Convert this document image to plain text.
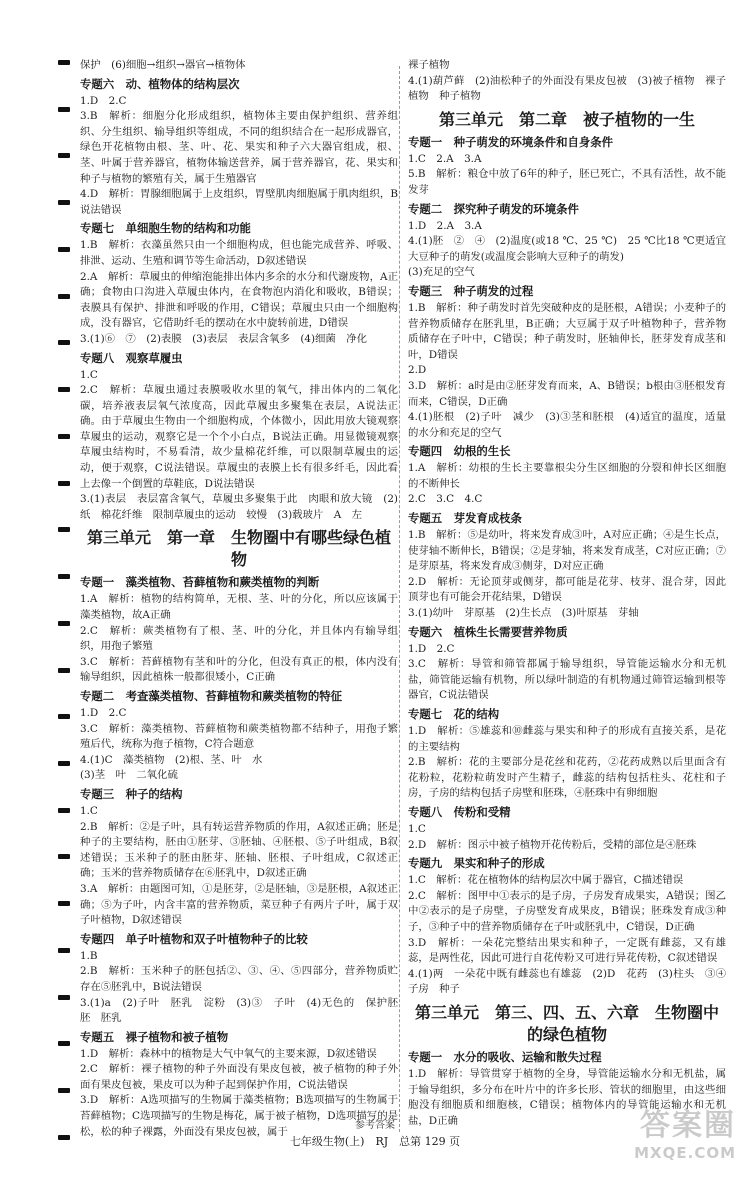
保护　(6)细胞→组织→器官→植物体

专题六　动、植物体的结构层次

1.D　2.C

3.B　解析：细胞分化形成组织，植物体主要由保护组织、营养组织、分生组织、输导组织等组成，不同的组织结合在一起形成器官，绿色开花植物由根、茎、叶、花、果实和种子六大器官组成，根、茎、叶属于营养器官，植物体输送营养，属于营养器官，花、果实和种子与植物的繁殖有关，属于生殖器官

4.D　解析：胃腺细胞属于上皮组织，胃壁肌肉细胞属于肌肉组织，B说法错误

专题七　单细胞生物的结构和功能

1.B　解析：衣藻虽然只由一个细胞构成，但也能完成营养、呼吸、排泄、运动、生殖和调节等生命活动，D叙述错误

2.A　解析：草履虫的伸缩泡能排出体内多余的水分和代谢废物，A正确；食物由口沟进入草履虫体内，在食物泡内消化和吸收，B错误；表膜具有保护、排泄和呼吸的作用，C错误；草履虫只由一个细胞构成，没有器官，它借助纤毛的摆动在水中旋转前进，D错误

3.(1)⑥　⑦　(2)表膜　(3)表层　表层含氧多　(4)细菌　净化

专题八　观察草履虫

1.C

2.C　解析：草履虫通过表膜吸收水里的氧气，排出体内的二氧化碳，培养液表层氧气浓度高，因此草履虫多聚集在表层，A说法正确。由于草履虫生物由一个细胞构成，个体微小，因此用放大镜观察草履虫的运动，观察它是一个个小白点，B说法正确。用显微镜观察草履虫结构时，不易看清，故少量棉花纤维，可以限制草履虫的运动，便于观察，C说法错误。草履虫的表膜上长有很多纤毛，因此看上去像一个倒置的草鞋底，D说法错误

3.(1)表层　表层富含氧气，草履虫多聚集于此　肉眼和放大镜　(2)纸　棉花纤维　限制草履虫的运动　较慢　(3)载玻片　A　左

第三单元　第一章　生物圈中有哪些绿色植物
专题一　藻类植物、苔藓植物和蕨类植物的判断

1.A　解析：植物的结构简单，无根、茎、叶的分化，所以应该属于藻类植物，故A正确

2.C　解析：蕨类植物有了根、茎、叶的分化，并且体内有输导组织，用孢子繁殖

3.C　解析：苔藓植物有茎和叶的分化，但没有真正的根，体内没有输导组织，因此植株一般都很矮小，C正确

专题二　考查藻类植物、苔藓植物和蕨类植物的特征

1.D　2.C

3.C　解析：藻类植物、苔藓植物和蕨类植物都不结种子，用孢子繁殖后代，统称为孢子植物，C符合题意

4.(1)C　藻类植物　(2)根、茎、叶　水

(3)茎　叶　二氧化硫

专题三　种子的结构

1.C

2.B　解析：②是子叶，具有转运营养物质的作用，A叙述正确；胚是种子的主要结构，胚由①胚芽、③胚轴、④胚根、⑤子叶组成，B叙述错误；玉米种子的胚由胚芽、胚轴、胚根、子叶组成，C叙述正确；玉米的营养物质储存在⑥胚乳中，D叙述正确

3.A　解析：由题图可知，①是胚芽，②是胚轴，③是胚根，A叙述正确；⑤为子叶，内含丰富的营养物质，菜豆种子有两片子叶，属于双子叶植物，D叙述错误

专题四　单子叶植物和双子叶植物种子的比较

1.B

2.B　解析：玉米种子的胚包括②、③、④、⑤四部分，营养物质贮存在⑤胚乳中，B说法错误

3.(1)a　(2)子叶　胚乳　淀粉　(3)③　子叶　(4)无色的　保护胚　胚　胚乳

专题五　裸子植物和被子植物

1.D　解析：森林中的植物是大气中氧气的主要来源，D叙述错误

2.C　解析：裸子植物的种子外面没有果皮包被，被子植物的种子外面有果皮包被，果皮可以为种子起到保护作用，C说法错误

3.D　解析：A选项描写的生物属于藻类植物；B选项描写的生物属于苔藓植物；C选项描写的生物是梅花，属于被子植物，D选项描写的是松，松的种子裸露，外面没有果皮包被，属于

裸子植物

4.(1)葫芦藓　(2)油松种子的外面没有果皮包被　(3)被子植物　裸子植物　种子植物

第三单元　第二章　被子植物的一生
专题一　种子萌发的环境条件和自身条件

1.C　2.A　3.A

5.B　解析：粮仓中放了6年的种子，胚已死亡，不具有活性，故不能发芽

专题二　探究种子萌发的环境条件

1.D　2.A　3.A

4.(1)胚　②　④　(2)温度(或18 ℃、25 ℃)　25 ℃比18 ℃更适宜大豆种子的萌发(或温度会影响大豆种子的萌发)

(3)充足的空气

专题三　种子萌发的过程

1.B　解析：种子萌发时首先突破种皮的是胚根，A错误；小麦种子的营养物质储存在胚乳里，B正确；大豆属于双子叶植物种子，营养物质储存在子叶中，C错误；种子萌发时，胚轴伸长，胚芽发育成茎和叶，D错误

2.D

3.D　解析：a时是由②胚芽发育而来，A、B错误；b根由③胚根发育而来，C错误，D正确

4.(1)胚根　(2)子叶　减少　(3)③茎和胚根　(4)适宜的温度，适量的水分和充足的空气

专题四　幼根的生长

1.A　解析：幼根的生长主要靠根尖分生区细胞的分裂和伸长区细胞的不断伸长

2.C　3.C　4.C

专题五　芽发育成枝条

1.B　解析：⑤是幼叶，将来发育成③叶，A对应正确；④是生长点，使芽轴不断伸长，B错误；②是芽轴，将来发育成茎，C对应正确；⑦是芽原基，将来发育成③侧芽，D对应正确

2.D　解析：无论顶芽或侧芽，都可能是花芽、枝芽、混合芽，因此顶芽也有可能会开花结果，D错误

3.(1)幼叶　芽原基　(2)生长点　(3)叶原基　芽轴

专题六　植株生长需要营养物质

1.D　2.C

3.C　解析：导管和筛管都属于输导组织，导管能运输水分和无机盐，筛管能运输有机物，所以绿叶制造的有机物通过筛管运输到根等器官，C说法错误

专题七　花的结构

1.D　解析：⑤雄蕊和⑩雌蕊与果实和种子的形成有直接关系，是花的主要结构

2.B　解析：花的主要部分是花丝和花药，②花药成熟以后里面含有花粉粒，花粉粒萌发时产生精子，雌蕊的结构包括柱头、花柱和子房，子房的结构包括子房壁和胚珠，④胚珠中有卵细胞

专题八　传粉和受精

1.C

2.D　解析：图示中被子植物开花传粉后，受精的部位是④胚珠

专题九　果实和种子的形成

1.C　解析：花在植物体的结构层次中属于器官，C描述错误

2.C　解析：图甲中①表示的是子房，子房发育成果实，A错误；图乙中②表示的是子房壁，子房壁发育成果皮，B错误；胚珠发育成③种子，③种子中的营养物质储存在子叶或胚乳中，C错误，D正确

3.D　解析：一朵花完整结出果实和种子，一定既有雌蕊，又有雄蕊，是两性花，因此可进行自花传粉又可进行异花传粉，C叙述错误

4.(1)两　一朵花中既有雌蕊也有雄蕊　(2)D　花药　(3)柱头　③④　子房　种子

第三单元　第三、四、五、六章　生物圈中的绿色植物
专题一　水分的吸收、运输和散失过程

1.D　解析：导管贯穿于植物的全身，导管能运输水分和无机盐，属于输导组织，多分布在叶片中的许多长形、管状的细胞里，由这些细胞没有细胞质和细胞核，C错误；植物体内的导管能运输水和无机盐，D正确

参考答案
七年级生物(上)　RJ　总第 129 页	答案圈
MXQE.COM
